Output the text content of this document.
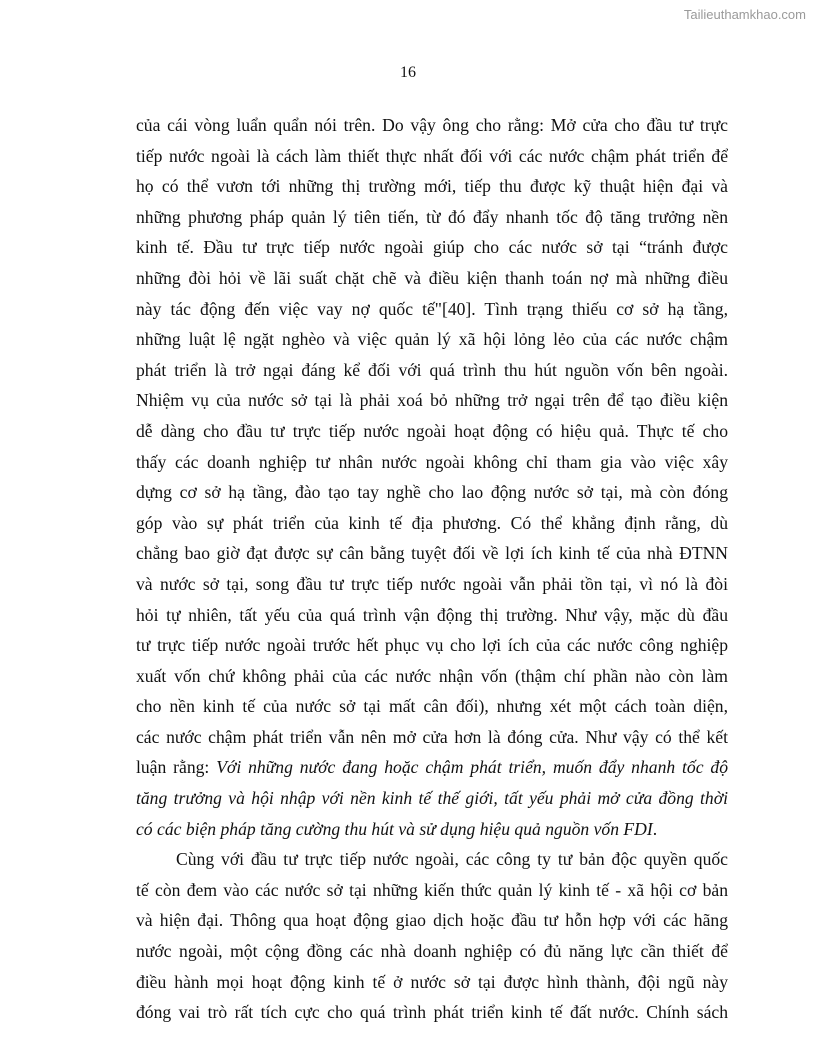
Tailieuthamkhao.com
16
của cái vòng luẩn quẩn nói trên. Do vậy ông cho rằng: Mở cửa cho đầu tư trực
tiếp nước ngoài là cách làm thiết thực nhất đối với các nước chậm phát triển để
họ có thể vươn tới những thị trường mới, tiếp thu được kỹ thuật hiện đại và
những phương pháp quản lý tiên tiến, từ đó đẩy nhanh tốc độ tăng trưởng nền
kinh tế. Đầu tư trực tiếp nước ngoài giúp cho các nước sở tại “tránh được
những đòi hỏi về lãi suất chặt chẽ và điều kiện thanh toán nợ mà những điều
này tác động đến việc vay nợ quốc tế"[40]. Tình trạng thiếu cơ sở hạ tầng,
những luật lệ ngặt nghèo và việc quản lý xã hội lỏng lẻo của các nước chậm
phát triển là trở ngại đáng kể đối với quá trình thu hút nguồn vốn bên ngoài.
Nhiệm vụ của nước sở tại là phải xoá bỏ những trở ngại trên để tạo điều kiện
dễ dàng cho đầu tư trực tiếp nước ngoài hoạt động có hiệu quả. Thực tế cho
thấy các doanh nghiệp tư nhân nước ngoài không chỉ tham gia vào việc xây
dựng cơ sở hạ tầng, đào tạo tay nghề cho lao động nước sở tại, mà còn đóng
góp vào sự phát triển của kinh tế địa phương. Có thể khẳng định rằng, dù
chẳng bao giờ đạt được sự cân bằng tuyệt đối về lợi ích kinh tế của nhà ĐTNN
và nước sở tại, song đầu tư trực tiếp nước ngoài vẫn phải tồn tại, vì nó là đòi
hỏi tự nhiên, tất yếu của quá trình vận động thị trường. Như vậy, mặc dù đầu
tư trực tiếp nước ngoài trước hết phục vụ cho lợi ích của các nước công nghiệp
xuất vốn chứ không phải của các nước nhận vốn (thậm chí phần nào còn làm
cho nền kinh tế của nước sở tại mất cân đối), nhưng xét một cách toàn diện,
các nước chậm phát triển vẫn nên mở cửa hơn là đóng cửa. Như vậy có thể kết
luận rằng: Với những nước đang hoặc chậm phát triển, muốn đẩy nhanh tốc độ
tăng trưởng và hội nhập với nền kinh tế thế giới, tất yếu phải mở cửa đồng thời
có các biện pháp tăng cường thu hút và sử dụng hiệu quả nguồn vốn FDI.
Cùng với đầu tư trực tiếp nước ngoài, các công ty tư bản độc quyền quốc
tế còn đem vào các nước sở tại những kiến thức quản lý kinh tế - xã hội cơ bản
và hiện đại. Thông qua hoạt động giao dịch hoặc đầu tư hỗn hợp với các hãng
nước ngoài, một cộng đồng các nhà doanh nghiệp có đủ năng lực cần thiết để
điều hành mọi hoạt động kinh tế ở nước sở tại được hình thành, đội ngũ này
đóng vai trò rất tích cực cho quá trình phát triển kinh tế đất nước. Chính sách
